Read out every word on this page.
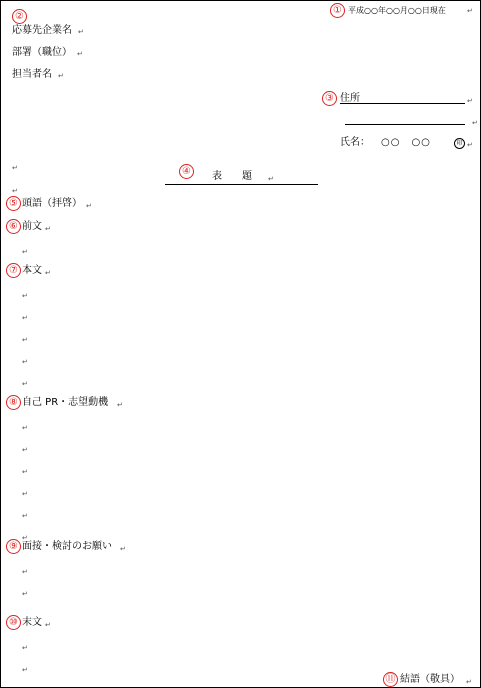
① 平成○○年○○月○○日現在	↵
②
応募先企業名 ↵
部署（職位） ↵
担当者名 ↵
③ 住所	↵
↵
氏名： ○○　○○	印 ↵
↵	④	表　　題 ↵
↵
⑤ 頭語（拝啓） ↵
⑥ 前文 ↵
↵
⑦ 本文 ↵
↵
↵
↵
↵
↵
⑧ 自己 PR・志望動機 ↵
↵
↵
↵
↵
↵
↵
⑨ 面接・検討のお願い ↵
↵
↵
⑩ 末文 ↵
↵
↵
⑪ 結語（敬具） ↵
